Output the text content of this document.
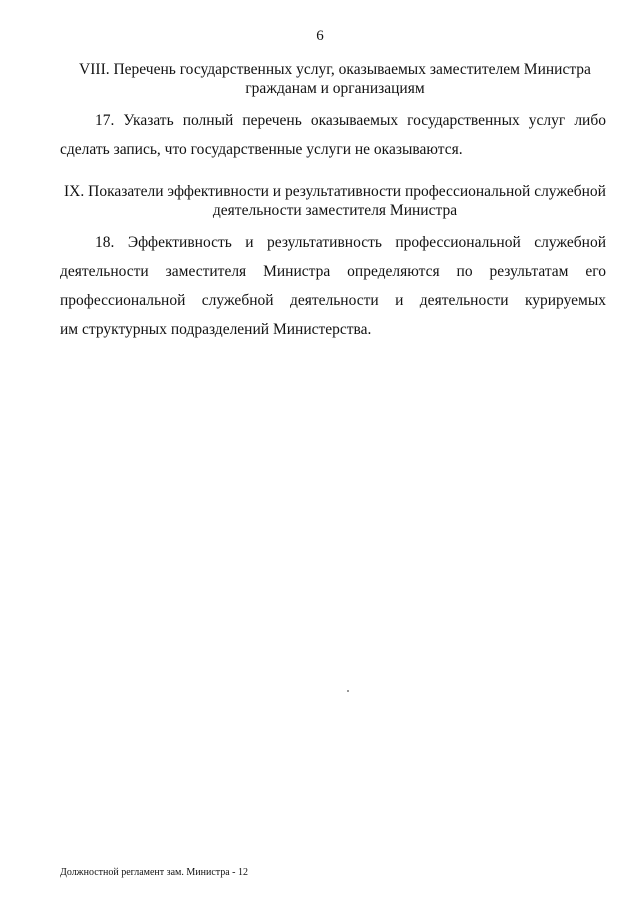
6
VIII. Перечень государственных услуг, оказываемых заместителем Министра
гражданам и организациям
17. Указать полный перечень оказываемых государственных услуг либо
сделать запись, что государственные услуги не оказываются.
IX. Показатели эффективности и результативности профессиональной служебной
деятельности заместителя Министра
18. Эффективность и результативность профессиональной служебной
деятельности заместителя Министра определяются по результатам его
профессиональной служебной деятельности и деятельности курируемых
им структурных подразделений Министерства.
Должностной регламент зам. Министра - 12
